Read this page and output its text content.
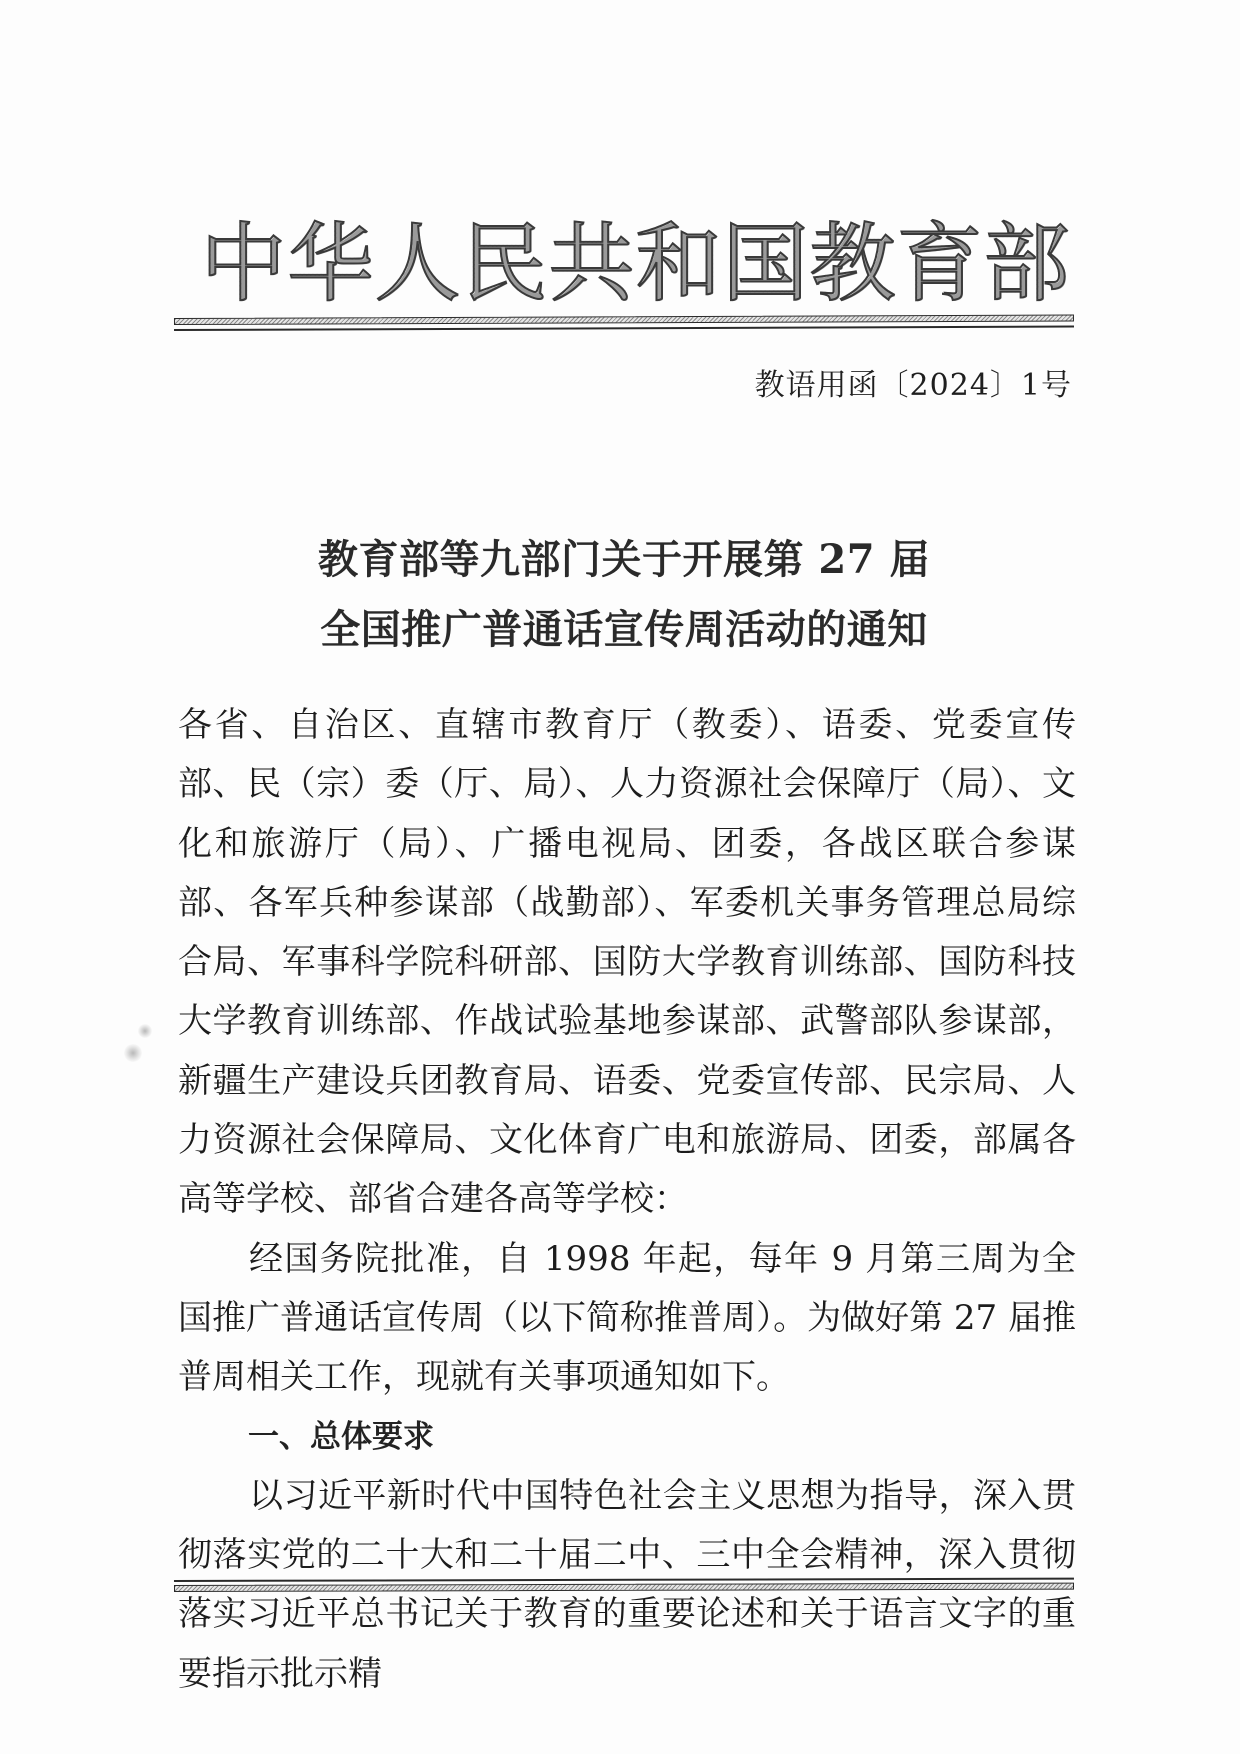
中 华 人 民 共 和 国 教 育 部
教语用函〔2024〕1号
教育部等九部门关于开展第 27 届
全国推广普通话宣传周活动的通知

各省、自治区、直辖市教育厅（教委）、语委、党委宣传部、民（宗）委（厅、局）、人力资源社会保障厅（局）、文化和旅游厅（局）、广播电视局、团委，各战区联合参谋部、各军兵种参谋部（战勤部）、军委机关事务管理总局综合局、军事科学院科研部、国防大学教育训练部、国防科技大学教育训练部、作战试验基地参谋部、武警部队参谋部，新疆生产建设兵团教育局、语委、党委宣传部、民宗局、人力资源社会保障局、文化体育广电和旅游局、团委，部属各高等学校、部省合建各高等学校：

经国务院批准，自 1998 年起，每年 9 月第三周为全国推广普通话宣传周（以下简称推普周）。为做好第 27 届推普周相关工作，现就有关事项通知如下。

一、总体要求

以习近平新时代中国特色社会主义思想为指导，深入贯彻落实党的二十大和二十届二中、三中全会精神，深入贯彻落实习近平总书记关于教育的重要论述和关于语言文字的重要指示批示精
